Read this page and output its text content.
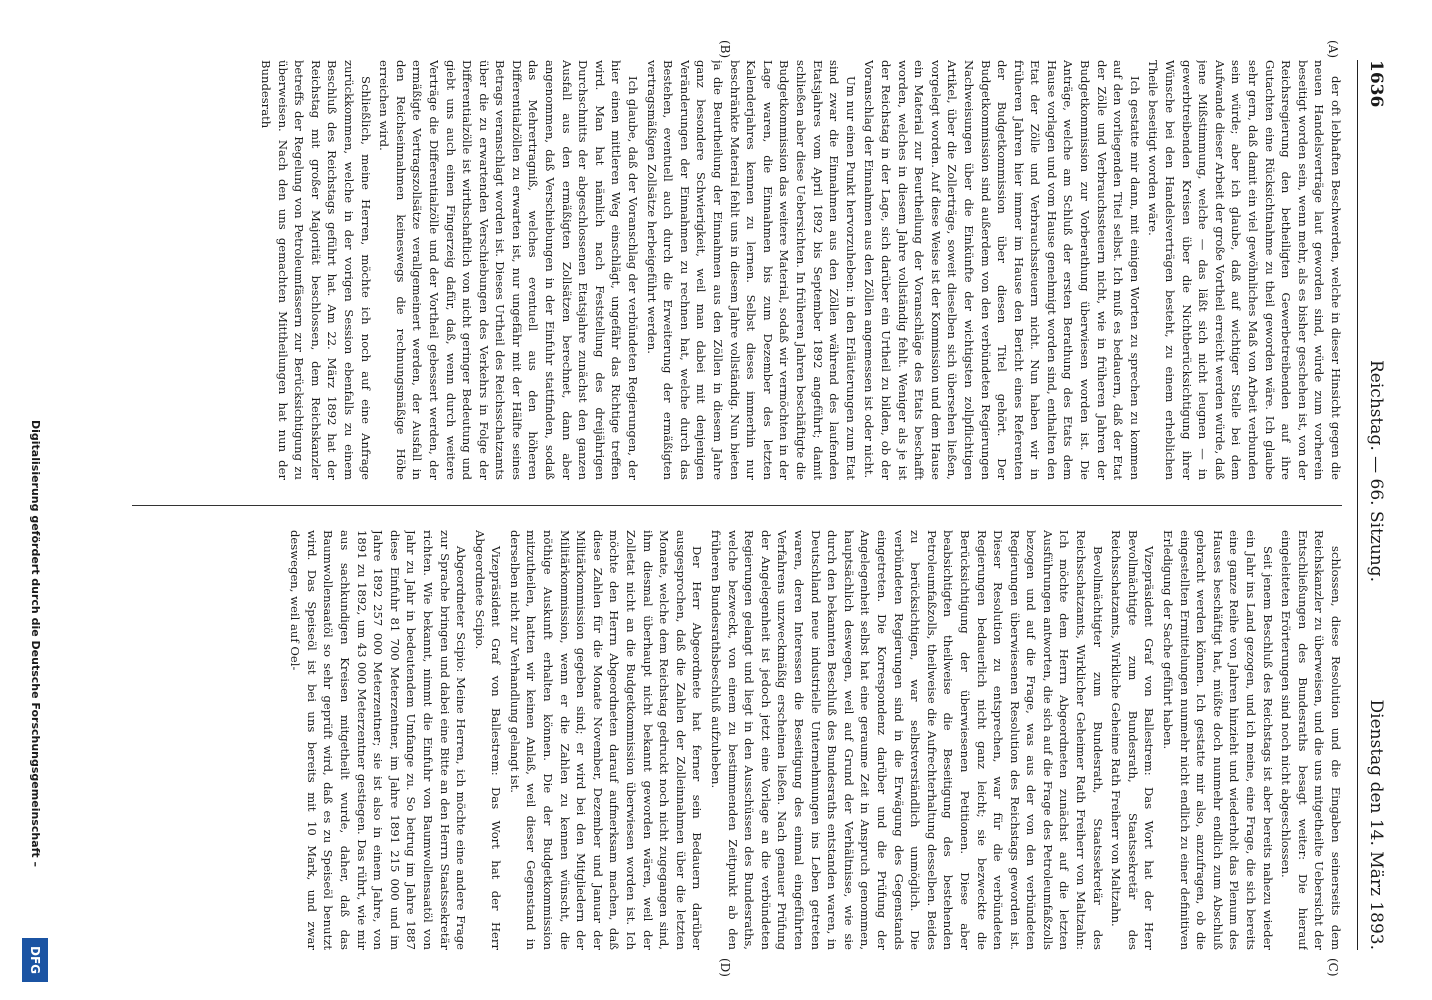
1636
Reichstag. — 66. Sitzung.
Dienstag den 14. März 1893.
(A)
(B)
(C)
(D)

der oft lebhaften Beschwerden, welche in dieser Hinsicht gegen die neuen Handelsverträge laut geworden sind, würde zum vorherein beseitigt worden sein, wenn mehr, als es bisher geschehen ist, von der Reichsregierung den betheiligten Gewerbetreibenden auf ihre Gutachten eine Rücksichtnahme zu theil geworden wäre. Ich glaube sehr gern, daß damit ein viel gewöhnliches Maß von Arbeit verbunden sein würde; aber ich glaube, daß auf wichtiger Stelle bei dem Aufwande dieser Arbeit der große Vortheil erreicht werden würde, daß jene Mißstimmung, welche — das läßt sich nicht leugnen — in gewerbtreibenden Kreisen über die Nichtberücksichtigung ihrer Wünsche bei den Handelsverträgen besteht, zu einem erheblichen Theile beseitigt worden wäre.

Ich gestatte mir dann, mit einigen Worten zu sprechen zu kommen auf den vorliegenden Titel selbst. Ich muß es bedauern, daß der Etat der Zölle und Verbrauchssteuern nicht, wie in früheren Jahren der Budgetkommission zur Vorberathung überwiesen worden ist. Die Anträge, welche am Schluß der ersten Berathung des Etats dem Hause vorlagen und vom Hause genehmigt worden sind, enthalten den Etat der Zölle und Verbrauchssteuern nicht. Nun haben wir in früheren Jahren hier immer im Hause den Bericht eines Referenten der Budgetkommission über diesen Titel gehört. Der Budgetkommission sind außerdem von den verbündeten Regierungen Nachweisungen über die Einkünfte der wichtigsten zollpflichtigen Artikel, über die Zollerträge, soweit dieselben sich übersehen ließen, vorgelegt worden. Auf diese Weise ist der Kommission und dem Hause ein Material zur Beurtheilung der Voranschläge des Etats beschafft worden, welches in diesem Jahre vollständig fehlt. Weniger als je ist der Reichstag in der Lage, sich darüber ein Urtheil zu bilden, ob der Voranschlag der Einnahmen aus den Zöllen angemessen ist oder nicht.

Um nur einen Punkt hervorzuheben: in den Erläuterungen zum Etat sind zwar die Einnahmen aus den Zöllen während des laufenden Etatsjahres vom April 1892 bis September 1892 angeführt; damit schließen aber diese Uebersichten. In früheren Jahren beschäftigte die Budgetkommission das weitere Material, sodaß wir vermöchten in der Lage waren, die Einnahmen bis zum Dezember des letzten Kalenderjahres kennen zu lernen. Selbst dieses immerhin nur beschränkte Material fehlt uns in diesem Jahre vollständig. Nun bieten ja die Beurtheilung der Einnahmen aus den Zöllen in diesem Jahre ganz besondere Schwierigkeit, weil man dabei mit denjenigen Veränderungen der Einnahmen zu rechnen hat, welche durch das Bestehen, eventuell auch durch die Erweiterung der ermäßigten vertragsmäßigen Zollsätze herbeigeführt werden.

Ich glaube, daß der Voranschlag der verbündeten Regierungen, der hier einen mittleren Weg einschlägt, ungefähr das Richtige treffen wird. Man hat nämlich nach Feststellung des dreijährigen Durchschnitts der abgeschlossenen Etatsjahre zunächst den ganzen Ausfall aus den ermäßigten Zollsätzen berechnet, dann aber angenommen, daß Verschiebungen in der Einfuhr stattfinden, sodaß das Mehrertragniß, welches eventuell aus den höheren Differentialzöllen zu erwarten ist, nur ungefähr mit der Hälfte seines Betrags veranschlagt worden ist. Dieses Urtheil des Reichsschatzamts über die zu erwartenden Verschiebungen des Verkehrs in Folge der Differentialzölle ist wirthschaftlich von nicht geringer Bedeutung und giebt uns auch einen Fingerzeig dafür, daß, wenn durch weitere Verträge die Differentialzölle und der Vortheil gebessert werden, der ermäßigte Vertragszollsätze verallgemeinert werden, der Ausfall in den Reichseinnahmen keineswegs die rechnungsmäßige Höhe erreichen wird.

Schließlich, meine Herren, möchte ich noch auf eine Anfrage zurückkommen, welche in der vorigen Session ebenfalls zu einem Beschluß des Reichstags geführt hat. Am 22. März 1892 hat der Reichstag mit großer Majorität beschlossen, dem Reichskanzler betreffs der Regelung von Petroleumfässern zur Berücksichtigung zu überweisen. Nach den uns gemachten Mittheilungen hat nun der Bundesrath

schlossen, diese Resolution und die Eingaben seinerseits dem Reichskanzler zu überweisen, und die uns mitgetheilte Uebersicht der Entschließungen des Bundesraths besagt weiter: Die hierauf eingeleiteten Erörterungen sind noch nicht abgeschlossen.

Seit jenem Beschluß des Reichstags ist aber bereits nahezu wieder ein Jahr ins Land gezogen, und ich meine, eine Frage, die sich bereits eine ganze Reihe von Jahren hinzieht und wiederholt das Plenum des Hauses beschäftigt hat, müßte doch nunmehr endlich zum Abschluß gebracht werden können. Ich gestatte mir also, anzufragen, ob die eingestellten Ermittelungen nunmehr nicht endlich zu einer definitiven Erledigung der Sache geführt haben.

Vizepräsident Graf von Ballestrem: Das Wort hat der Herr Bevollmächtigte zum Bundesrath, Staatssekretär des Reichsschatzamts, Wirkliche Geheime Rath Freiherr von Maltzahn.

Bevollmächtigter zum Bundesrath, Staatssekretär des Reichsschatzamts, Wirklicher Geheimer Rath Freiherr von Maltzahn: Ich möchte dem Herrn Abgeordneten zunächst auf die letzten Ausführungen antworten, die sich auf die Frage des Petroleumfaßzolls bezogen und auf die Frage, was aus der von den verbündeten Regierungen überwiesenen Resolution des Reichstags geworden ist. Dieser Resolution zu entsprechen, war für die verbündeten Regierungen bedauerlich nicht ganz leicht; sie bezweckte die Berücksichtigung der überwiesenen Petitionen. Diese aber beabsichtigten theilweise die Beseitigung des bestehenden Petroleumfaßzolls, theilweise die Aufrechterhaltung desselben. Beides zu berücksichtigen, war selbstverständlich unmöglich. Die verbündeten Regierungen sind in die Erwägung des Gegenstands eingetreten. Die Korrespondenz darüber und die Prüfung der Angelegenheit selbst hat eine geraume Zeit in Anspruch genommen, hauptsächlich deswegen, weil auf Grund der Verhältnisse, wie sie durch den bekannten Beschluß des Bundesraths entstanden waren, in Deutschland neue industrielle Unternehmungen ins Leben getreten waren, deren Interessen die Beseitigung des einmal eingeführten Verfahrens unzweckmäßig erscheinen ließen. Nach genauer Prüfung der Angelegenheit ist jedoch jetzt eine Vorlage an die verbündeten Regierungen gelangt und liegt in den Ausschüssen des Bundesraths, welche bezweckt, von einem zu bestimmenden Zeitpunkt ab den früheren Bundesrathsbeschluß aufzuheben.

Der Herr Abgeordnete hat ferner sein Bedauern darüber ausgesprochen, daß die Zahlen der Zolleinnahmen über die letzten Monate, welche dem Reichstag gedruckt noch nicht zugegangen sind, ihm diesmal überhaupt nicht bekannt geworden wären, weil der Zolletat nicht an die Budgetkommission überwiesen worden ist. Ich möchte den Herrn Abgeordneten darauf aufmerksam machen, daß diese Zahlen für die Monate November, Dezember und Januar der Militärkommission gegeben sind; er wird bei den Mitgliedern der Militärkommission, wenn er die Zahlen zu kennen wünscht, die nöthige Auskunft erhalten können. Die der Budgetkommission mitzutheilen, hatten wir keinen Anlaß, weil dieser Gegenstand in derselben nicht zur Verhandlung gelangt ist.

Vizepräsident Graf von Ballestrem: Das Wort hat der Herr Abgeordnete Scipio.

Abgeordneter Scipio: Meine Herren, ich möchte eine andere Frage zur Sprache bringen und dabei eine Bitte an den Herrn Staatssekretär richten. Wie bekannt, nimmt die Einfuhr von Baumwollensaatöl von Jahr zu Jahr in bedeutendem Umfange zu. So betrug im Jahre 1887 diese Einfuhr 81 700 Meterzentner, im Jahre 1891 215 000 und im Jahre 1892 257 000 Meterzentner; sie ist also in einem Jahre, von 1891 zu 1892, um 43 000 Meterzentner gestiegen. Das rührt, wie mir aus sachkundigen Kreisen mitgetheilt wurde, daher, daß das Baumwollensaatöl so sehr geprüft wird, daß es zu Speiseöl benutzt wird. Das Speiseöl ist bei uns bereits mit 10 Mark, und zwar deswegen, weil auf Oel-

Digitalisierung gefördert durch die Deutsche Forschungsgemeinschaft –
DFG
